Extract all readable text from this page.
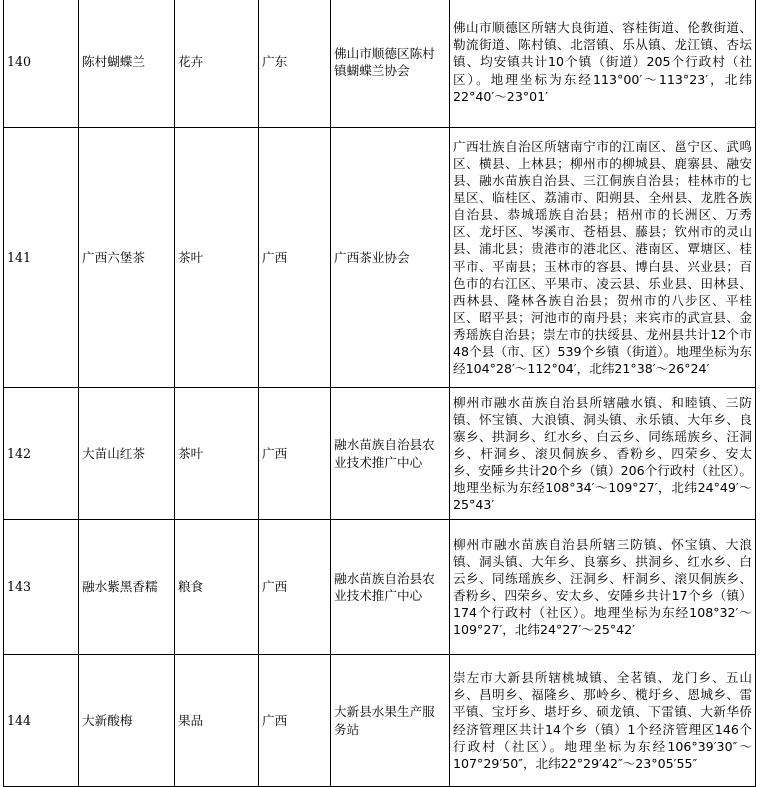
140	陈村蝴蝶兰	花卉	广东	佛山市顺德区陈村镇蝴蝶兰协会	佛山市顺德区所辖大良街道、容桂街道、伦教街道、勒流街道、陈村镇、北滘镇、乐从镇、龙江镇、杏坛镇、均安镇共计10个镇（街道）205个行政村（社区）。地理坐标为东经113°00′～113°23′，北纬22°40′～23°01′
141	广西六堡茶	茶叶	广西	广西茶业协会	广西壮族自治区所辖南宁市的江南区、邕宁区、武鸣区、横县、上林县；柳州市的柳城县、鹿寨县、融安县、融水苗族自治县、三江侗族自治县；桂林市的七星区、临桂区、荔浦市、阳朔县、全州县、龙胜各族自治县、恭城瑶族自治县；梧州市的长洲区、万秀区、龙圩区、岑溪市、苍梧县、藤县；钦州市的灵山县、浦北县；贵港市的港北区、港南区、覃塘区、桂平市、平南县；玉林市的容县、博白县、兴业县；百色市的右江区、平果市、凌云县、乐业县、田林县、西林县、隆林各族自治县；贺州市的八步区、平桂区、昭平县；河池市的南丹县；来宾市的武宣县、金秀瑶族自治县；崇左市的扶绥县、龙州县共计12个市48个县（市、区）539个乡镇（街道）。地理坐标为东经104°28′～112°04′，北纬21°38′～26°24′
142	大苗山红茶	茶叶	广西	融水苗族自治县农业技术推广中心	柳州市融水苗族自治县所辖融水镇、和睦镇、三防镇、怀宝镇、大浪镇、洞头镇、永乐镇、大年乡、良寨乡、拱洞乡、红水乡、白云乡、同练瑶族乡、汪洞乡、杆洞乡、滚贝侗族乡、香粉乡、四荣乡、安太乡、安陲乡共计20个乡（镇）206个行政村（社区）。地理坐标为东经108°34′～109°27′，北纬24°49′～25°43′
143	融水紫黑香糯	粮食	广西	融水苗族自治县农业技术推广中心	柳州市融水苗族自治县所辖三防镇、怀宝镇、大浪镇、洞头镇、大年乡、良寨乡、拱洞乡、红水乡、白云乡、同练瑶族乡、汪洞乡、杆洞乡、滚贝侗族乡、香粉乡、四荣乡、安太乡、安陲乡共计17个乡（镇）174个行政村（社区）。地理坐标为东经108°32′～109°27′，北纬24°27′～25°42′
144	大新酸梅	果品	广西	大新县水果生产服务站	崇左市大新县所辖桃城镇、全茗镇、龙门乡、五山乡、昌明乡、福隆乡、那岭乡、榄圩乡、恩城乡、雷平镇、宝圩乡、堪圩乡、硕龙镇、下雷镇、大新华侨经济管理区共计14个乡（镇）1个经济管理区146个行政村（社区）。地理坐标为东经106°39′30″～107°29′50″，北纬22°29′42″～23°05′55″
